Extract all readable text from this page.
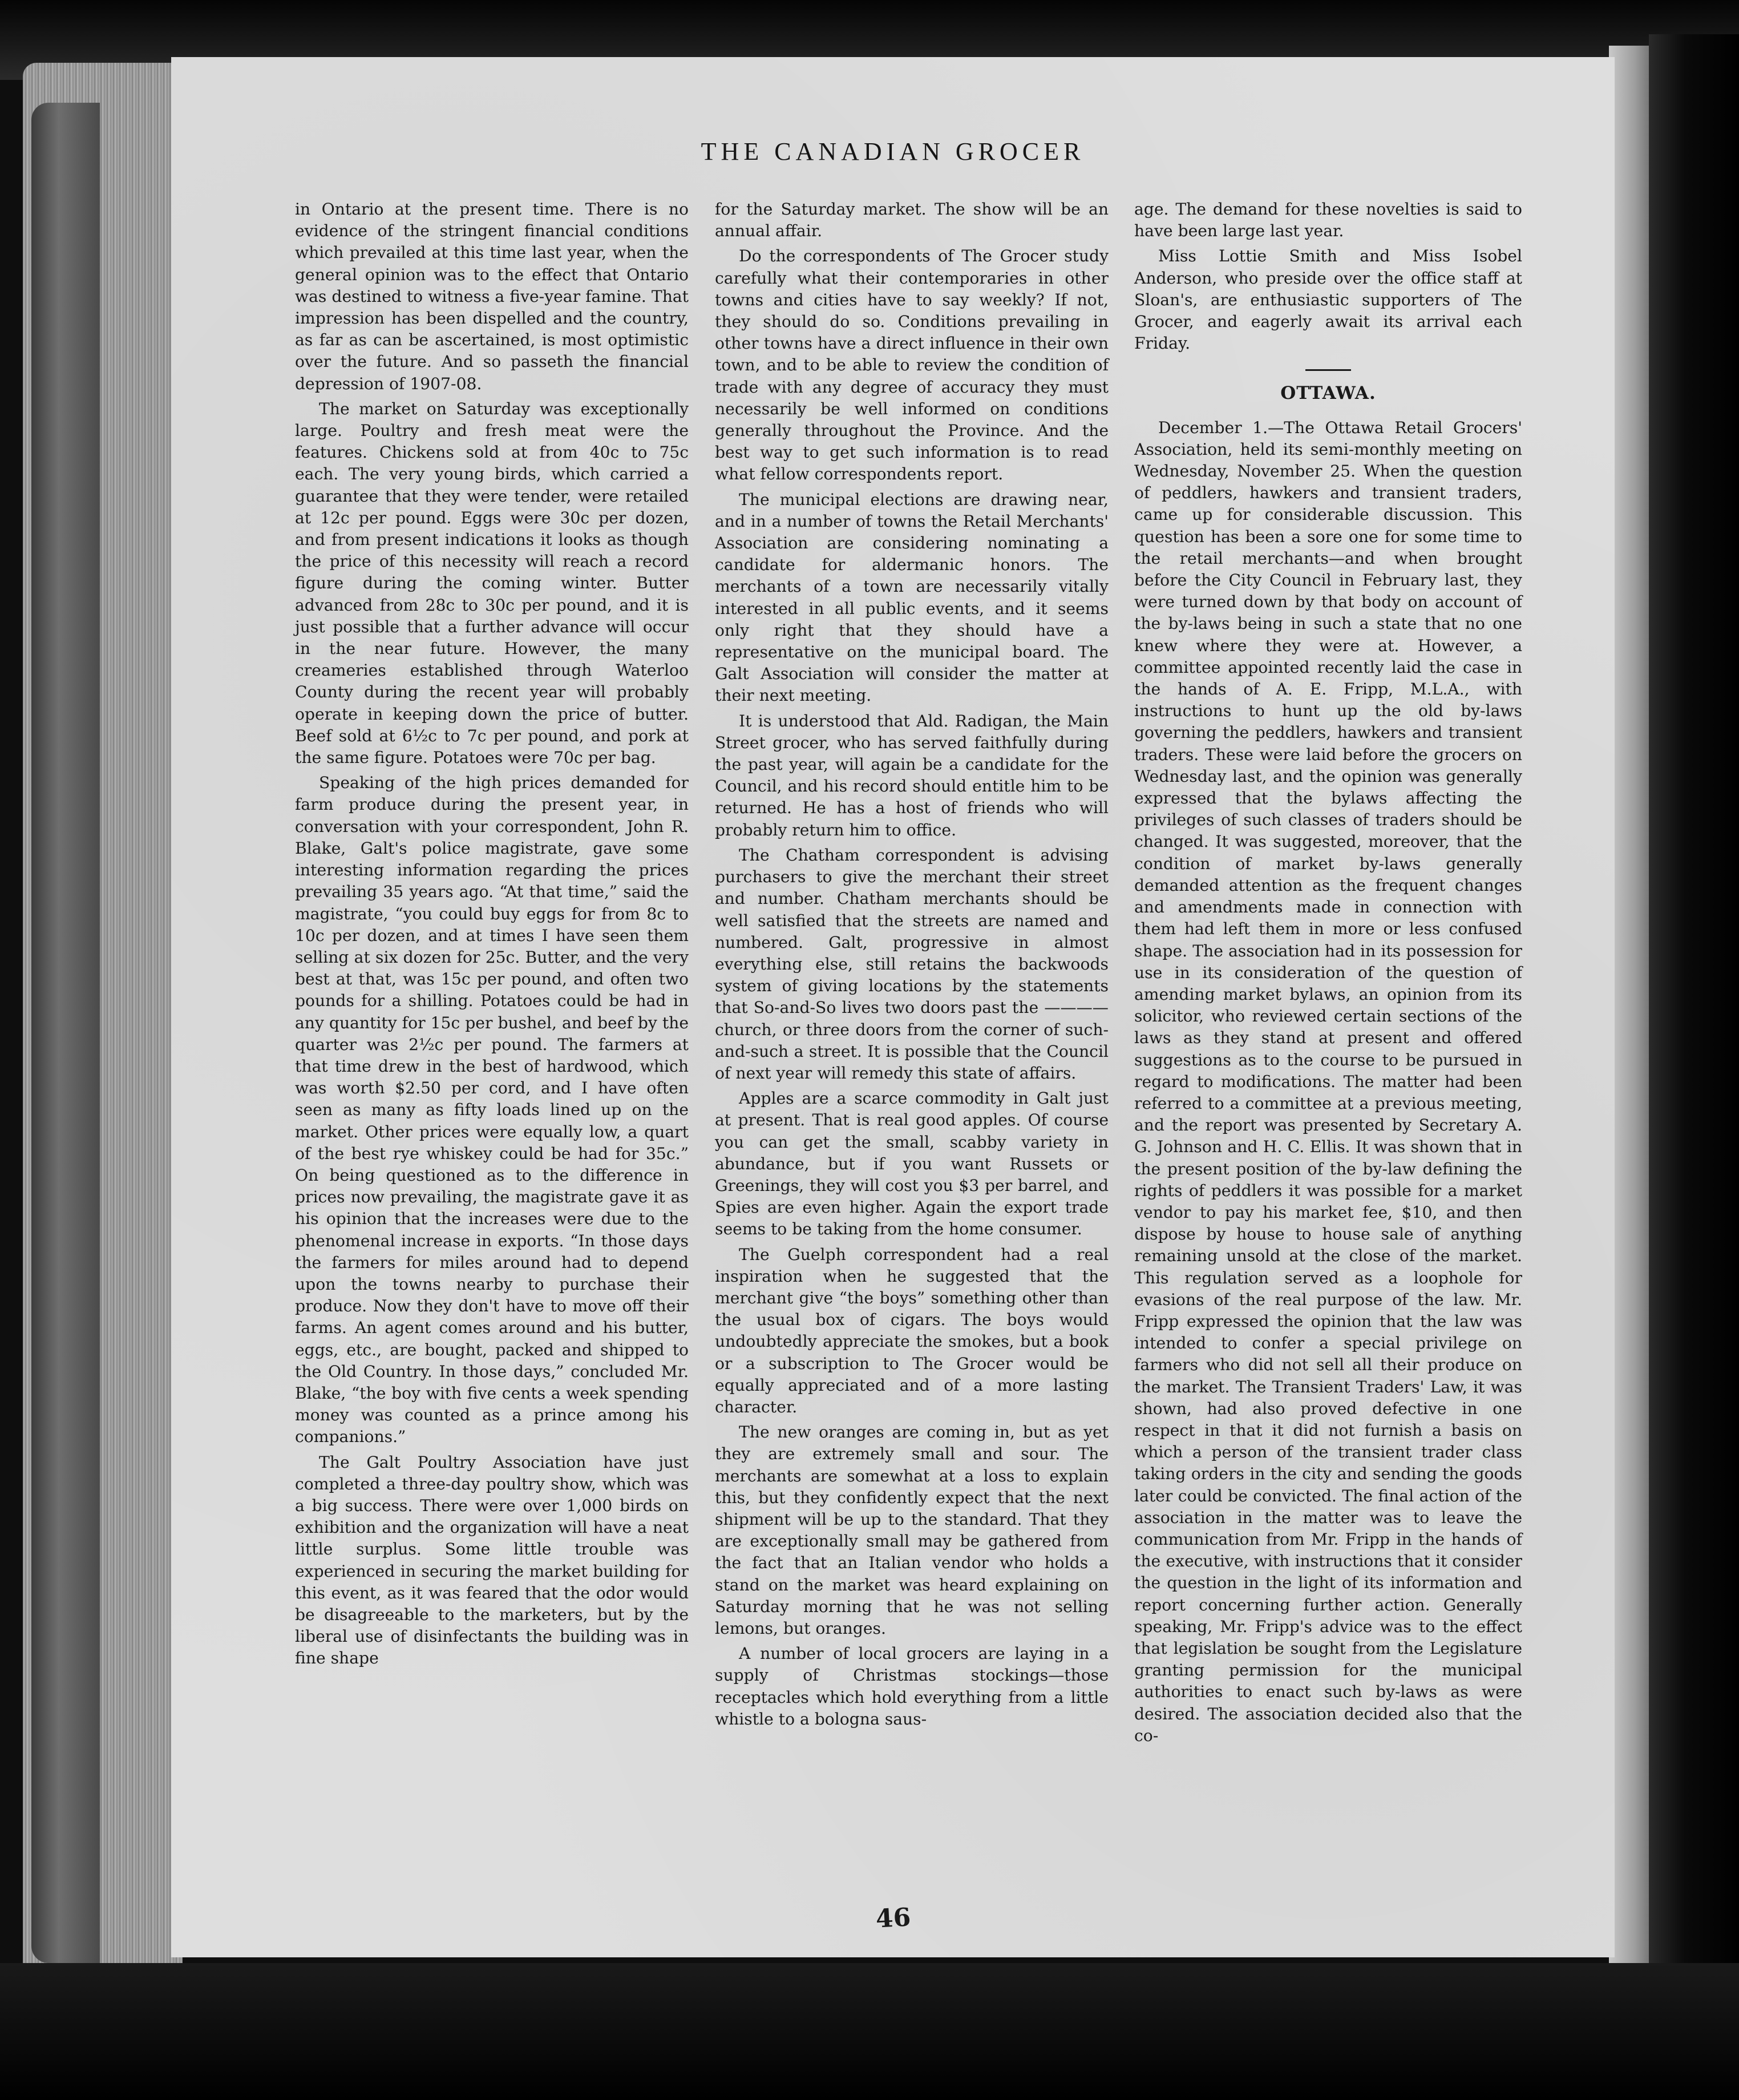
THE CANADIAN GROCER

in Ontario at the present time. There is no evidence of the stringent financial conditions which prevailed at this time last year, when the general opinion was to the effect that Ontario was destined to witness a five-year famine. That impression has been dispelled and the country, as far as can be ascertained, is most optimistic over the future. And so passeth the financial depression of 1907-08.

The market on Saturday was exceptionally large. Poultry and fresh meat were the features. Chickens sold at from 40c to 75c each. The very young birds, which carried a guarantee that they were tender, were retailed at 12c per pound. Eggs were 30c per dozen, and from present indications it looks as though the price of this necessity will reach a record figure during the coming winter. Butter advanced from 28c to 30c per pound, and it is just possible that a further advance will occur in the near future. However, the many creameries established through Waterloo County during the recent year will probably operate in keeping down the price of butter. Beef sold at 6½c to 7c per pound, and pork at the same figure. Potatoes were 70c per bag.

Speaking of the high prices demanded for farm produce during the present year, in conversation with your correspondent, John R. Blake, Galt's police magistrate, gave some interesting information regarding the prices prevailing 35 years ago. “At that time,” said the magistrate, “you could buy eggs for from 8c to 10c per dozen, and at times I have seen them selling at six dozen for 25c. Butter, and the very best at that, was 15c per pound, and often two pounds for a shilling. Potatoes could be had in any quantity for 15c per bushel, and beef by the quarter was 2½c per pound. The farmers at that time drew in the best of hardwood, which was worth $2.50 per cord, and I have often seen as many as fifty loads lined up on the market. Other prices were equally low, a quart of the best rye whiskey could be had for 35c.” On being questioned as to the difference in prices now prevailing, the magistrate gave it as his opinion that the increases were due to the phenomenal increase in exports. “In those days the farmers for miles around had to depend upon the towns nearby to purchase their produce. Now they don't have to move off their farms. An agent comes around and his butter, eggs, etc., are bought, packed and shipped to the Old Country. In those days,” concluded Mr. Blake, “the boy with five cents a week spending money was counted as a prince among his companions.”

The Galt Poultry Association have just completed a three-day poultry show, which was a big success. There were over 1,000 birds on exhibition and the organization will have a neat little surplus. Some little trouble was experienced in securing the market building for this event, as it was feared that the odor would be disagreeable to the marketers, but by the liberal use of disinfectants the building was in fine shape

for the Saturday market. The show will be an annual affair.

Do the correspondents of The Grocer study carefully what their contemporaries in other towns and cities have to say weekly? If not, they should do so. Conditions prevailing in other towns have a direct influence in their own town, and to be able to review the condition of trade with any degree of accuracy they must necessarily be well informed on conditions generally throughout the Province. And the best way to get such information is to read what fellow correspondents report.

The municipal elections are drawing near, and in a number of towns the Retail Merchants' Association are considering nominating a candidate for aldermanic honors. The merchants of a town are necessarily vitally interested in all public events, and it seems only right that they should have a representative on the municipal board. The Galt Association will consider the matter at their next meeting.

It is understood that Ald. Radigan, the Main Street grocer, who has served faithfully during the past year, will again be a candidate for the Council, and his record should entitle him to be returned. He has a host of friends who will probably return him to office.

The Chatham correspondent is advising purchasers to give the merchant their street and number. Chatham merchants should be well satisfied that the streets are named and numbered. Galt, progressive in almost everything else, still retains the backwoods system of giving locations by the statements that So-and-So lives two doors past the ———— church, or three doors from the corner of such-and-such a street. It is possible that the Council of next year will remedy this state of affairs.

Apples are a scarce commodity in Galt just at present. That is real good apples. Of course you can get the small, scabby variety in abundance, but if you want Russets or Greenings, they will cost you $3 per barrel, and Spies are even higher. Again the export trade seems to be taking from the home consumer.

The Guelph correspondent had a real inspiration when he suggested that the merchant give “the boys” something other than the usual box of cigars. The boys would undoubtedly appreciate the smokes, but a book or a subscription to The Grocer would be equally appreciated and of a more lasting character.

The new oranges are coming in, but as yet they are extremely small and sour. The merchants are somewhat at a loss to explain this, but they confidently expect that the next shipment will be up to the standard. That they are exceptionally small may be gathered from the fact that an Italian vendor who holds a stand on the market was heard explaining on Saturday morning that he was not selling lemons, but oranges.

A number of local grocers are laying in a supply of Christmas stockings—those receptacles which hold everything from a little whistle to a bologna saus-

age. The demand for these novelties is said to have been large last year.

Miss Lottie Smith and Miss Isobel Anderson, who preside over the office staff at Sloan's, are enthusiastic supporters of The Grocer, and eagerly await its arrival each Friday.

OTTAWA.

December 1.—The Ottawa Retail Grocers' Association, held its semi-monthly meeting on Wednesday, November 25. When the question of peddlers, hawkers and transient traders, came up for considerable discussion. This question has been a sore one for some time to the retail merchants—and when brought before the City Council in February last, they were turned down by that body on account of the by-laws being in such a state that no one knew where they were at. However, a committee appointed recently laid the case in the hands of A. E. Fripp, M.L.A., with instructions to hunt up the old by-laws governing the peddlers, hawkers and transient traders. These were laid before the grocers on Wednesday last, and the opinion was generally expressed that the bylaws affecting the privileges of such classes of traders should be changed. It was suggested, moreover, that the condition of market by-laws generally demanded attention as the frequent changes and amendments made in connection with them had left them in more or less confused shape. The association had in its possession for use in its consideration of the question of amending market bylaws, an opinion from its solicitor, who reviewed certain sections of the laws as they stand at present and offered suggestions as to the course to be pursued in regard to modifications. The matter had been referred to a committee at a previous meeting, and the report was presented by Secretary A. G. Johnson and H. C. Ellis. It was shown that in the present position of the by-law defining the rights of peddlers it was possible for a market vendor to pay his market fee, $10, and then dispose by house to house sale of anything remaining unsold at the close of the market. This regulation served as a loophole for evasions of the real purpose of the law. Mr. Fripp expressed the opinion that the law was intended to confer a special privilege on farmers who did not sell all their produce on the market. The Transient Traders' Law, it was shown, had also proved defective in one respect in that it did not furnish a basis on which a person of the transient trader class taking orders in the city and sending the goods later could be convicted. The final action of the association in the matter was to leave the communication from Mr. Fripp in the hands of the executive, with instructions that it consider the question in the light of its information and report concerning further action. Generally speaking, Mr. Fripp's advice was to the effect that legislation be sought from the Legislature granting permission for the municipal authorities to enact such by-laws as were desired. The association decided also that the co-

46
